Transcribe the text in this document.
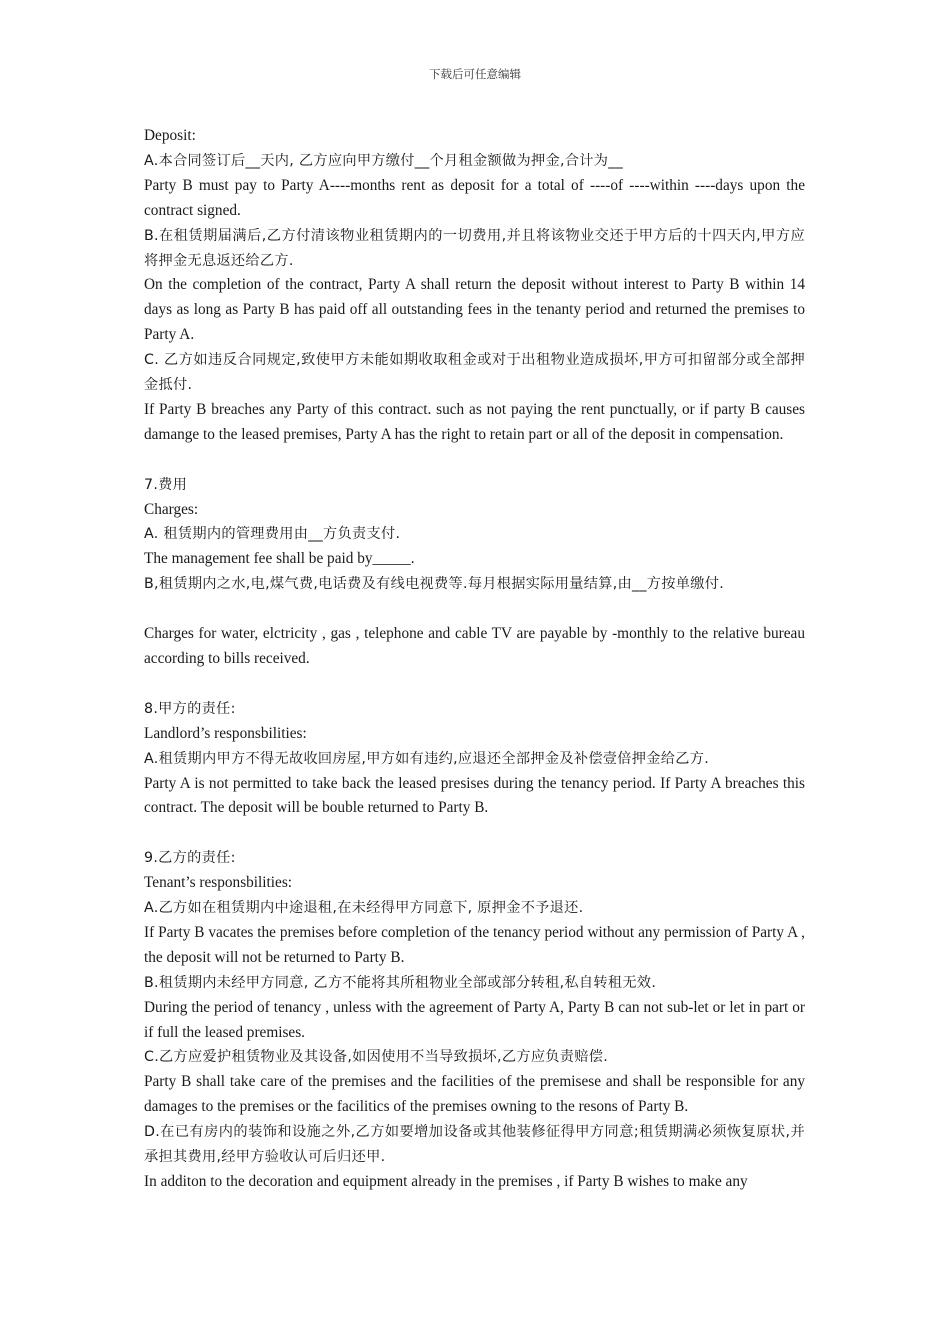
下载后可任意编辑
Deposit:
A.本合同签订后__天内, 乙方应向甲方缴付__个月租金额做为押金,合计为__
Party B must pay to Party A----months rent as deposit for a total of ----of ----within ----days upon the contract signed.
B.在租赁期届满后,乙方付清该物业租赁期内的一切费用,并且将该物业交还于甲方后的十四天内,甲方应将押金无息返还给乙方.
On the completion of the contract, Party A shall return the deposit without interest to Party B within 14 days as long as Party B has paid off all outstanding fees in the tenanty period and returned the premises to Party A.
C. 乙方如违反合同规定,致使甲方未能如期收取租金或对于出租物业造成损坏,甲方可扣留部分或全部押金抵付.
If Party B breaches any Party of this contract. such as not paying the rent punctually, or if party B causes damange to the leased premises, Party A has the right to retain part or all of the deposit in compensation.
7.费用
Charges:
A. 租赁期内的管理费用由__方负责支付.
The management fee shall be paid by_____.
B,租赁期内之水,电,煤气费,电话费及有线电视费等.每月根据实际用量结算,由__方按单缴付.
Charges for water, elctricity , gas , telephone and cable TV are payable by -monthly to the relative bureau according to bills received.
8.甲方的责任:
Landlord’s responsbilities:
A.租赁期内甲方不得无故收回房屋,甲方如有违约,应退还全部押金及补偿壹倍押金给乙方.
Party A is not permitted to take back the leased presises during the tenancy period. If Party A breaches this contract. The deposit will be bouble returned to Party B.
9.乙方的责任:
Tenant’s responsbilities:
A.乙方如在租赁期内中途退租,在未经得甲方同意下, 原押金不予退还.
If Party B vacates the premises before completion of the tenancy period without any permission of Party A , the deposit will not be returned to Party B.
B.租赁期内未经甲方同意, 乙方不能将其所租物业全部或部分转租,私自转租无效.
During the period of tenancy , unless with the agreement of Party A, Party B can not sub-let or let in part or if full the leased premises.
C.乙方应爱护租赁物业及其设备,如因使用不当导致损坏,乙方应负责赔偿.
Party B shall take care of the premises and the facilities of the premisese and shall be responsible for any damages to the premises or the facilitics of the premises owning to the resons of Party B.
D.在已有房内的装饰和设施之外,乙方如要增加设备或其他装修征得甲方同意;租赁期满必须恢复原状,并承担其费用,经甲方验收认可后归还甲.
In additon to the decoration and equipment already in the premises , if Party B wishes to make any
